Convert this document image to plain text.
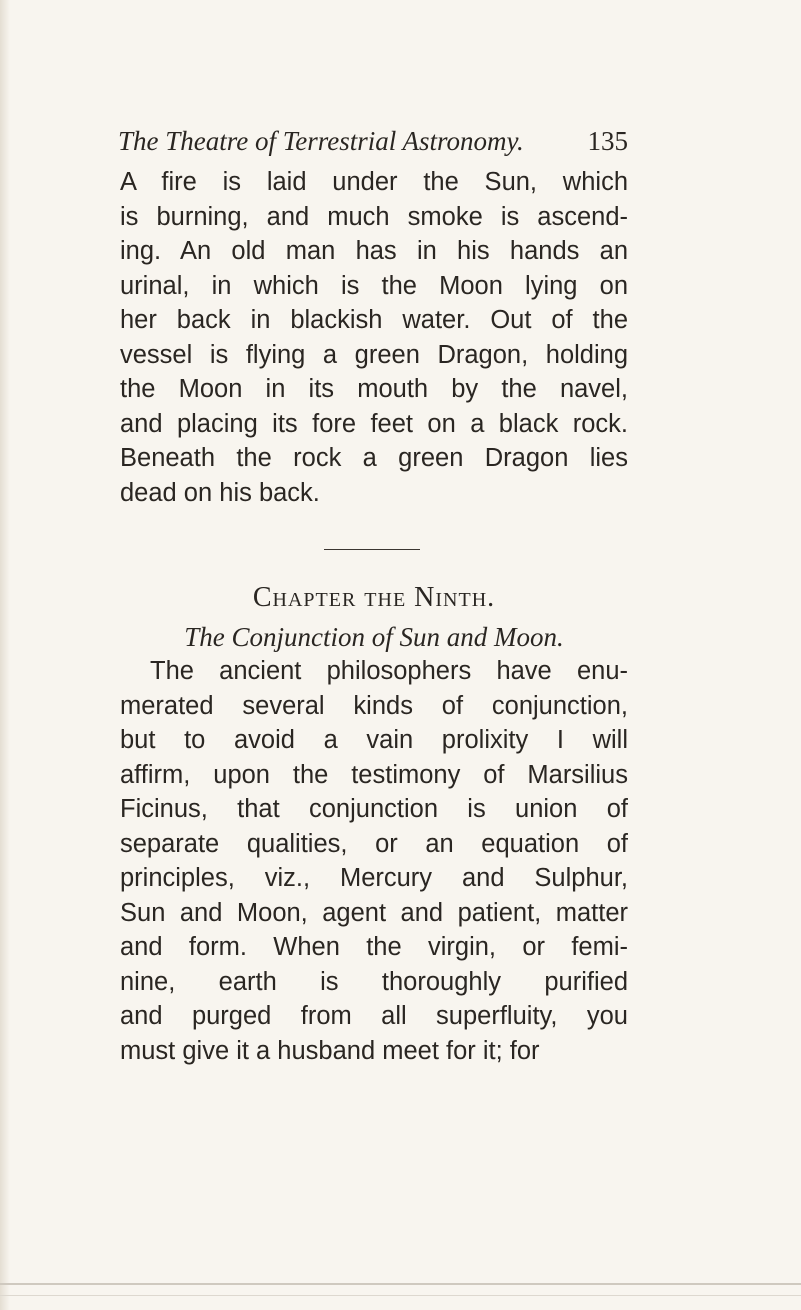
The Theatre of Terrestrial Astronomy. 135
A fire is laid under the Sun, which
is burning, and much smoke is ascend-
ing. An old man has in his hands an
urinal, in which is the Moon lying on
her back in blackish water. Out of the
vessel is flying a green Dragon, holding
the Moon in its mouth by the navel,
and placing its fore feet on a black rock.
Beneath the rock a green Dragon lies
dead on his back.
Chapter the Ninth.
The Conjunction of Sun and Moon.
The ancient philosophers have enu-
merated several kinds of conjunction,
but to avoid a vain prolixity I will
affirm, upon the testimony of Marsilius
Ficinus, that conjunction is union of
separate qualities, or an equation of
principles, viz., Mercury and Sulphur,
Sun and Moon, agent and patient, matter
and form. When the virgin, or femi-
nine, earth is thoroughly purified
and purged from all superfluity, you
must give it a husband meet for it; for
